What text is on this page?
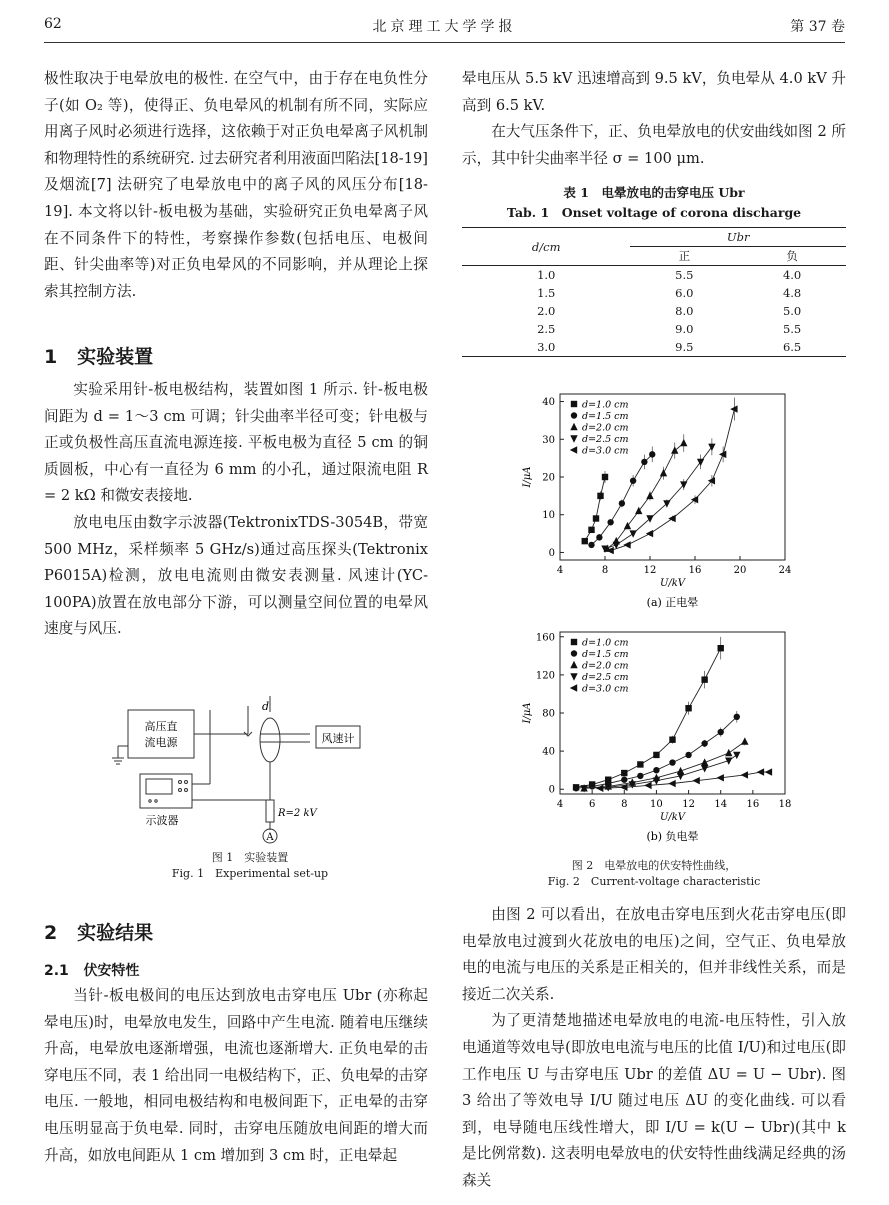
62	北京理工大学学报	第 37 卷

极性取决于电晕放电的极性. 在空气中，由于存在电负性分子(如 O₂ 等)，使得正、负电晕风的机制有所不同，实际应用离子风时必须进行选择，这依赖于对正负电晕离子风机制和物理特性的系统研究. 过去研究者利用液面凹陷法[18-19] 及烟流[7] 法研究了电晕放电中的离子风的风压分布[18-19]. 本文将以针-板电极为基础，实验研究正负电晕离子风在不同条件下的特性，考察操作参数(包括电压、电极间距、针尖曲率等)对正负电晕风的不同影响，并从理论上探索其控制方法.

1 实验装置

实验采用针-板电极结构，装置如图 1 所示. 针-板电极间距为 d = 1～3 cm 可调；针尖曲率半径可变；针电极与正或负极性高压直流电源连接. 平板电极为直径 5 cm 的铜质圆板，中心有一直径为 6 mm 的小孔，通过限流电阻 R = 2 kΩ 和微安表接地.

放电电压由数字示波器(TektronixTDS-3054B，带宽 500 MHz，采样频率 5 GHz/s)通过高压探头(Tektronix P6015A)检测，放电电流则由微安表测量. 风速计(YC-100PA)放置在放电部分下游，可以测量空间位置的电晕风速度与风压.

高压直
流电源
d
风速计
示波器
R=2 kV
A
图 1　实验装置
Fig. 1　Experimental set-up
2 实验结果
2.1 伏安特性

当针-板电极间的电压达到放电击穿电压 Ubr (亦称起晕电压)时，电晕放电发生，回路中产生电流. 随着电压继续升高，电晕放电逐渐增强，电流也逐渐增大. 正负电晕的击穿电压不同，表 1 给出同一电极结构下，正、负电晕的击穿电压. 一般地，相同电极结构和电极间距下，正电晕的击穿电压明显高于负电晕. 同时，击穿电压随放电间距的增大而升高，如放电间距从 1 cm 增加到 3 cm 时，正电晕起

晕电压从 5.5 kV 迅速增高到 9.5 kV，负电晕从 4.0 kV 升高到 6.5 kV.

在大气压条件下，正、负电晕放电的伏安曲线如图 2 所示，其中针尖曲率半径 σ = 100 μm.

表 1　电晕放电的击穿电压 Ubr
Tab. 1　Onset voltage of corona discharge
d/cm	Ubr	
	正	负
1.0	5.5	4.0
1.5	6.0	4.8
2.0	8.0	5.0
2.5	9.0	5.5
3.0	9.5	6.5
4	8	12	16	20	24
0
10
20
30
40
U/kV
I/μA
(a) 正电晕
d=1.0 cm
d=1.5 cm
d=2.0 cm
d=2.5 cm
d=3.0 cm
4	6	8 10 12 14 16 18
0
40
80
120
160
U/kV
I/μA
(b) 负电晕
d=1.0 cm
d=1.5 cm
d=2.0 cm
d=2.5 cm
d=3.0 cm
图 2　电晕放电的伏安特性曲线，
Fig. 2　Current-voltage characteristic

由图 2 可以看出，在放电击穿电压到火花击穿电压(即电晕放电过渡到火花放电的电压)之间，空气正、负电晕放电的电流与电压的关系是正相关的，但并非线性关系，而是接近二次关系.

为了更清楚地描述电晕放电的电流-电压特性，引入放电通道等效电导(即放电电流与电压的比值 I/U)和过电压(即工作电压 U 与击穿电压 Ubr 的差值 ΔU = U − Ubr). 图 3 给出了等效电导 I/U 随过电压 ΔU 的变化曲线. 可以看到，电导随电压线性增大，即 I/U = k(U − Ubr)(其中 k 是比例常数). 这表明电晕放电的伏安特性曲线满足经典的汤森关
